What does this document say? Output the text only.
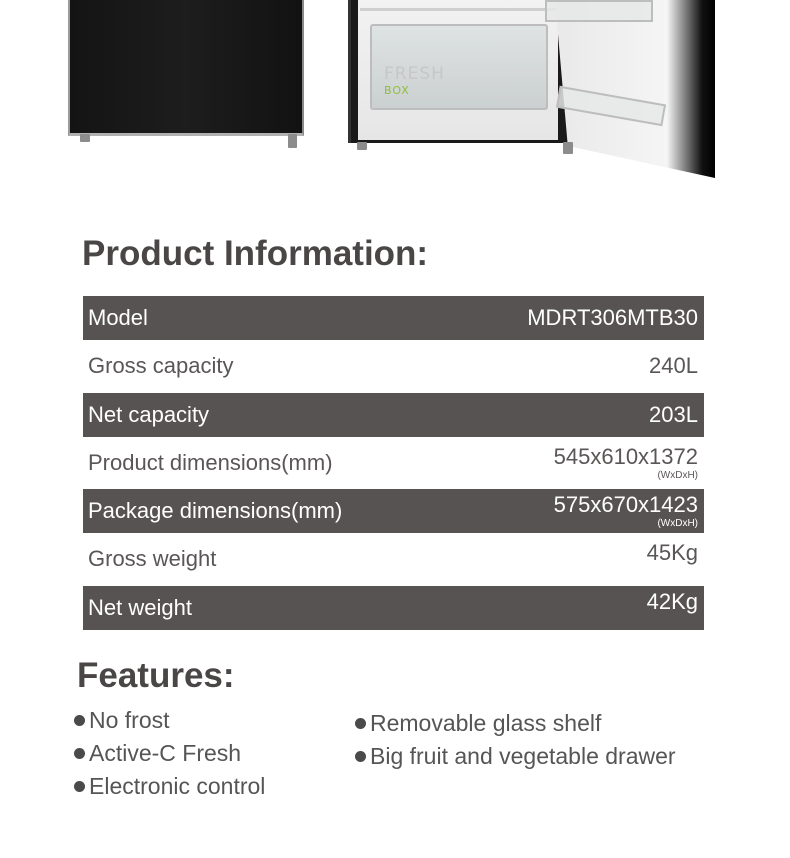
FRESH
BOX
Product Information:
Model	MDRT306MTB30
Gross capacity	240L
Net capacity	203L
Product dimensions(mm)	545x610x1372
(WxDxH)
Package dimensions(mm)	575x670x1423
(WxDxH)
Gross weight	45Kg
Net weight	42Kg
Features:
No frost
Active-C Fresh
Electronic control
Removable glass shelf
Big fruit and vegetable drawer
